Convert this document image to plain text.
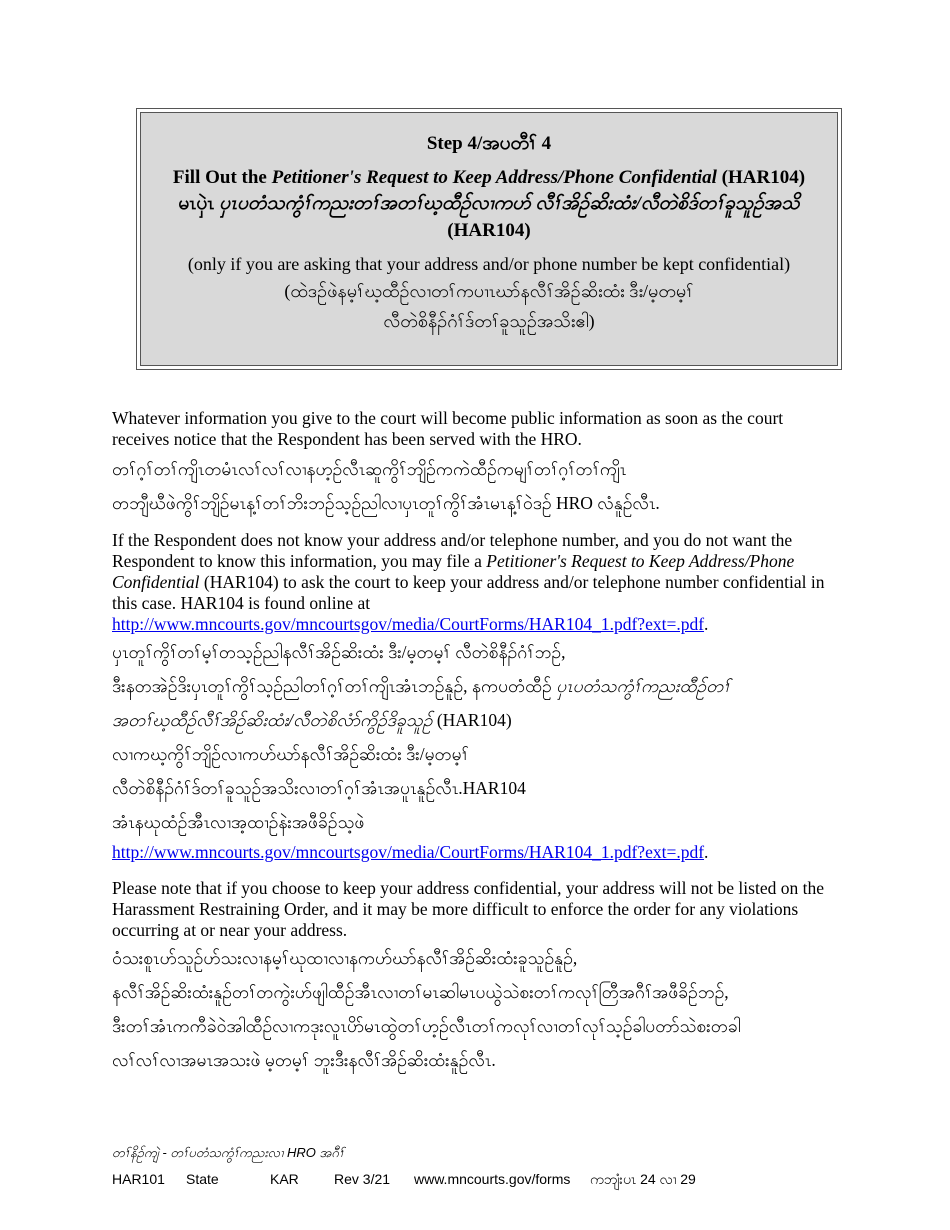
Step 4/အပတီၢ် 4
Fill Out the Petitioner's Request to Keep Address/Phone Confidential (HAR104)
မၤပှဲၤ ပှၤပတံသကွံၢ်ကညးတၢ်အတၢ်ဃ့ထီဉ်လၢကဟ် လီၢ်အိဉ်ဆိးထံး/လီတဲစိဒ်တၢ်ခူသူဉ်အသိ
(HAR104)
(only if you are asking that your address and/or phone number be kept confidential)
(ထဲဒဉ်ဖဲနမ့ၢ်ဃ့ထီဉ်လၢတၢ်ကပၢၤဃာ်နလီၢ်အိဉ်ဆိးထံး ဒီး/မ့တမ့ၢ်
လီတဲစိနီၣ်ဂံၢ်ဒ်တၢ်ခူသူဉ်အသိးဧါ)
Whatever information you give to the court will become public information as soon as the court receives notice that the Respondent has been served with the HRO.
တၢ်ဂ့ၢ်တၢ်ကျိၤတမံၤလၢ်လၢ်လၢနဟ့ဉ်လီၤဆူကွိၢ်ဘျိဉ်ကကဲထီဉ်ကမျၢ်တၢ်ဂ့ၢ်တၢ်ကျိၤ
တဘျီဃီဖဲကွိၢ်ဘျိဉ်မၤန့ၢ်တၢ်ဘိးဘဉ်သ့ဉ်ညါလၢပှၤတူၢ်ကွိၢ်အံၤမၤန့ၢ်ဝဲဒဉ် HRO လံနူဉ်လီၤ.
If the Respondent does not know your address and/or telephone number, and you do not want the Respondent to know this information, you may file a Petitioner's Request to Keep Address/Phone Confidential (HAR104) to ask the court to keep your address and/or telephone number confidential in this case. HAR104 is found online at
http://www.mncourts.gov/mncourtsgov/media/CourtForms/HAR104_1.pdf?ext=.pdf.
ပှၤတူၢ်ကွိၢ်တၢ်မ့ၢ်တသ့ဉ်ညါနလီၢ်အိဉ်ဆိးထံး ဒီး/မ့တမ့ၢ် လီတဲစိနီၣ်ဂံၢ်ဘဉ်,
ဒီးနတအဲဉ်ဒိးပှၤတူၢ်ကွိၢ်သ့ဉ်ညါတၢ်ဂ့ၢ်တၢ်ကျိၤအံၤဘဉ်နူဉ်, နကပတံထီဉ် ပှၤပတံသကွံၢ်ကညးထီဉ်တၢ်
အတၢ်ဃ့ထီဉ်လီၢ်အိဉ်ဆိးထံး/လီတဲစိလံာ်ကွိဉ်ဒိခူသူဉ် (HAR104)
လၢကဃ့ကွိၢ်ဘျိဉ်လၢကဟ်ဃာ်နလီၢ်အိဉ်ဆိးထံး ဒီး/မ့တမ့ၢ်
လီတဲစိနီၣ်ဂံၢ်ဒ်တၢ်ခူသူဉ်အသိးလၢတၢ်ဂ့ၢ်အံၤအပူၤနူဉ်လီၤ.HAR104
အံၤနဃုထံဉ်အီၤလၢအ့ထၢဉ်နဲးအဖီခိဉ်သ့ဖဲ
http://www.mncourts.gov/mncourtsgov/media/CourtForms/HAR104_1.pdf?ext=.pdf.
Please note that if you choose to keep your address confidential, your address will not be listed on the Harassment Restraining Order, and it may be more difficult to enforce the order for any violations occurring at or near your address.
ဝံသးစူၤဟ်သူဉ်ဟ်သးလၢနမ့ၢ်ဃုထၢလၢနကဟ်ဃာ်နလီၢ်အိဉ်ဆိးထံးခူသူဉ်နူဉ်,
နလီၢ်အိဉ်ဆိးထံးနူဉ်တၢ်တကွဲးဟ်ဖျါထီဉ်အီၤလၢတၢ်မၤဆါမၤပယွဲသဲစးတၢ်ကလုၢ်တြီအဂီၢ်အဖီခိဉ်ဘဉ်,
ဒီးတၢ်အံၤကကီခဲဝဲအါထီဉ်လၢကဒုးလူၤပိာ်မၤထွဲတၢ်ဟ့ဉ်လီၤတၢ်ကလုၢ်လၢတၢ်လုၢ်သ့ဉ်ခါပတာ်သဲစးတခါ
လၢ်လၢ်လၢအမၤအသးဖဲ မ့တမ့ၢ် ဘူးဒီးနလီၢ်အိဉ်ဆိးထံးနူဉ်လီၤ.
တၢ်နိဉ်ကျဲ - တၢ်ပတံသကွံၢ်ကညးလၢ HRO အဂီၢ်
HAR101 State	KAR	Rev 3/21 www.mncourts.gov/forms ကဘျံးပၤ 24 လၢ 29
